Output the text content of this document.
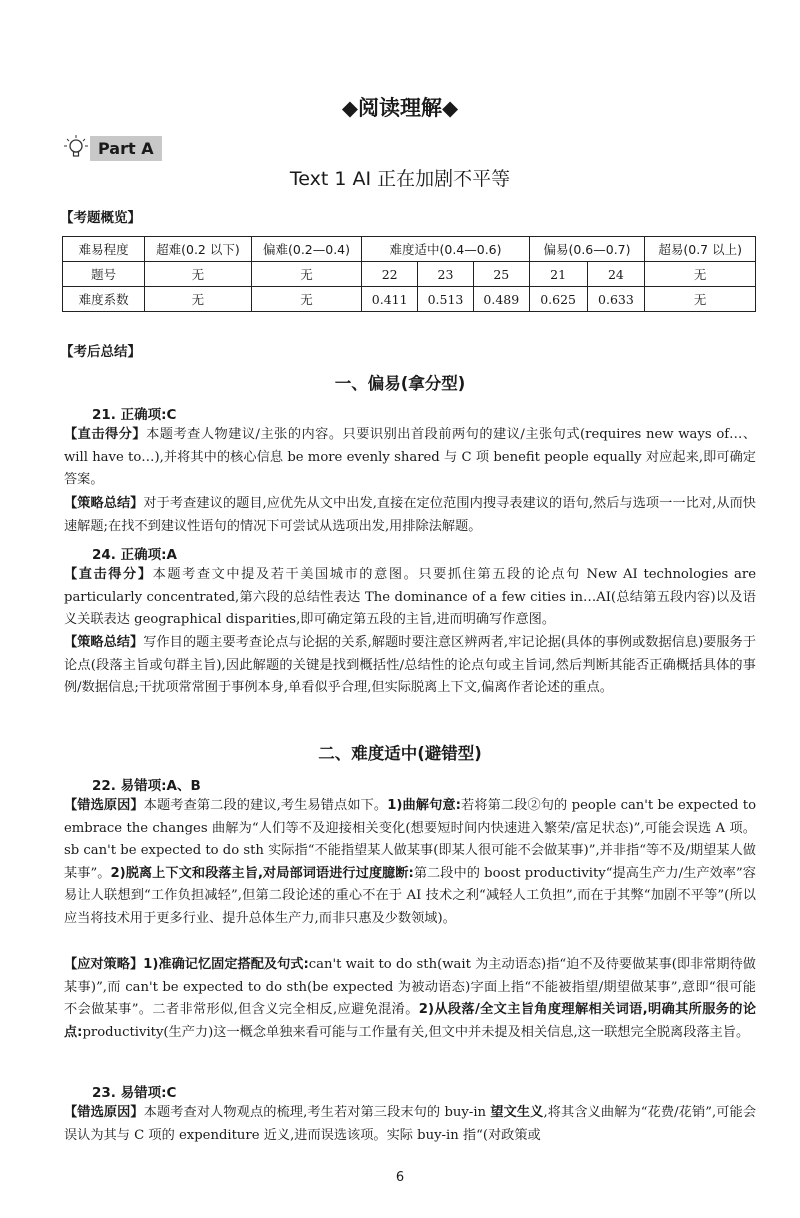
◆阅读理解◆
Part A
Text 1 AI 正在加剧不平等
【考题概览】
难易程度	超难(0.2 以下)	偏难(0.2—0.4)	难度适中(0.4—0.6)			偏易(0.6—0.7)		超易(0.7 以上)
题号	无	无	22	23	25	21	24	无
难度系数	无	无	0.411	0.513	0.489	0.625	0.633	无
【考后总结】
一、偏易(拿分型)
21. 正确项:C
【直击得分】本题考查人物建议/主张的内容。只要识别出首段前两句的建议/主张句式(requires new ways of…、will have to…),并将其中的核心信息 be more evenly shared 与 C 项 benefit people equally 对应起来,即可确定答案。
【策略总结】对于考查建议的题目,应优先从文中出发,直接在定位范围内搜寻表建议的语句,然后与选项一一比对,从而快速解题;在找不到建议性语句的情况下可尝试从选项出发,用排除法解题。
24. 正确项:A
【直击得分】本题考查文中提及若干美国城市的意图。只要抓住第五段的论点句 New AI technologies are particularly concentrated,第六段的总结性表达 The dominance of a few cities in…AI(总结第五段内容)以及语义关联表达 geographical disparities,即可确定第五段的主旨,进而明确写作意图。
【策略总结】写作目的题主要考查论点与论据的关系,解题时要注意区辨两者,牢记论据(具体的事例或数据信息)要服务于论点(段落主旨或句群主旨),因此解题的关键是找到概括性/总结性的论点句或主旨词,然后判断其能否正确概括具体的事例/数据信息;干扰项常常囿于事例本身,单看似乎合理,但实际脱离上下文,偏离作者论述的重点。
二、难度适中(避错型)
22. 易错项:A、B
【错选原因】本题考查第二段的建议,考生易错点如下。1)曲解句意:若将第二段②句的 people can't be expected to embrace the changes 曲解为“人们等不及迎接相关变化(想要短时间内快速进入繁荣/富足状态)”,可能会误选 A 项。sb can't be expected to do sth 实际指“不能指望某人做某事(即某人很可能不会做某事)”,并非指“等不及/期望某人做某事”。2)脱离上下文和段落主旨,对局部词语进行过度臆断:第二段中的 boost productivity“提高生产力/生产效率”容易让人联想到“工作负担减轻”,但第二段论述的重心不在于 AI 技术之利“减轻人工负担”,而在于其弊“加剧不平等”(所以应当将技术用于更多行业、提升总体生产力,而非只惠及少数领域)。
【应对策略】1)准确记忆固定搭配及句式:can't wait to do sth(wait 为主动语态)指“迫不及待要做某事(即非常期待做某事)”,而 can't be expected to do sth(be expected 为被动语态)字面上指“不能被指望/期望做某事”,意即“很可能不会做某事”。二者非常形似,但含义完全相反,应避免混淆。2)从段落/全文主旨角度理解相关词语,明确其所服务的论点:productivity(生产力)这一概念单独来看可能与工作量有关,但文中并未提及相关信息,这一联想完全脱离段落主旨。
23. 易错项:C
【错选原因】本题考查对人物观点的梳理,考生若对第三段末句的 buy-in 望文生义,将其含义曲解为“花费/花销”,可能会误认为其与 C 项的 expenditure 近义,进而误选该项。实际 buy-in 指“(对政策或
6
